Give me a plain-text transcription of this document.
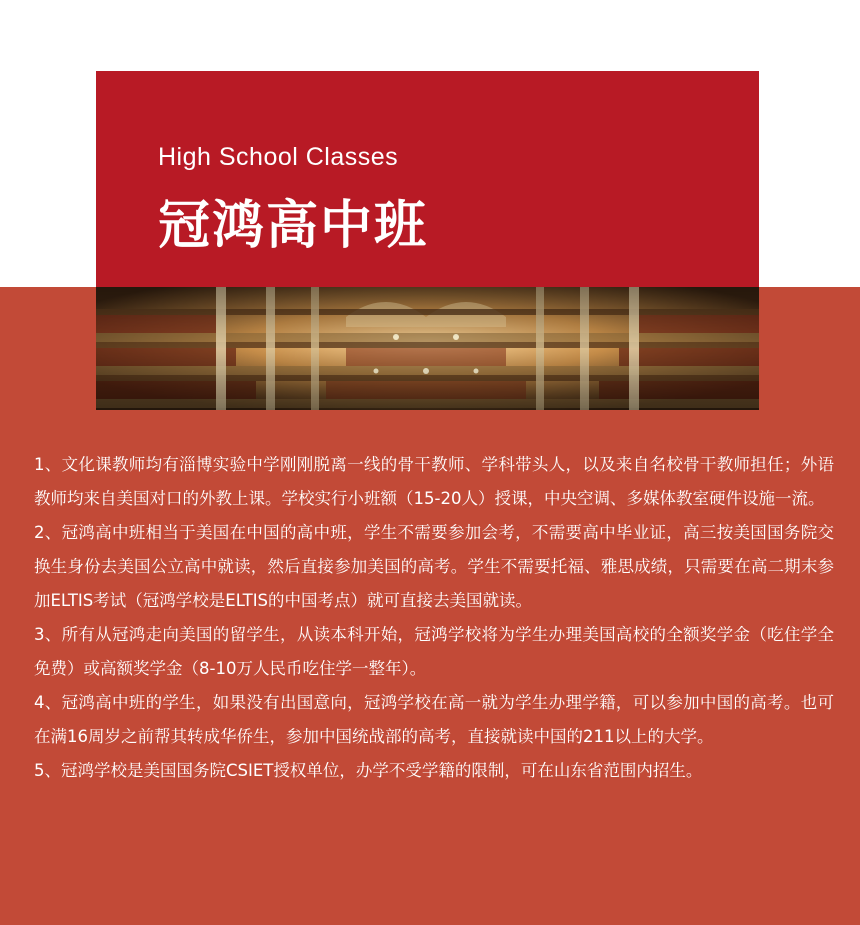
High School Classes
冠鸿高中班

1、文化课教师均有淄博实验中学刚刚脱离一线的骨干教师、学科带头人，以及来自名校骨干教师担任；外语教师均来自美国对口的外教上课。学校实行小班额（15-20人）授课，中央空调、多媒体教室硬件设施一流。

2、冠鸿高中班相当于美国在中国的高中班，学生不需要参加会考，不需要高中毕业证，高三按美国国务院交换生身份去美国公立高中就读，然后直接参加美国的高考。学生不需要托福、雅思成绩，只需要在高二期末参加ELTIS考试（冠鸿学校是ELTIS的中国考点）就可直接去美国就读。

3、所有从冠鸿走向美国的留学生，从读本科开始，冠鸿学校将为学生办理美国高校的全额奖学金（吃住学全免费）或高额奖学金（8-10万人民币吃住学一整年）。

4、冠鸿高中班的学生，如果没有出国意向，冠鸿学校在高一就为学生办理学籍，可以参加中国的高考。也可在满16周岁之前帮其转成华侨生，参加中国统战部的高考，直接就读中国的211以上的大学。

5、冠鸿学校是美国国务院CSIET授权单位，办学不受学籍的限制，可在山东省范围内招生。
